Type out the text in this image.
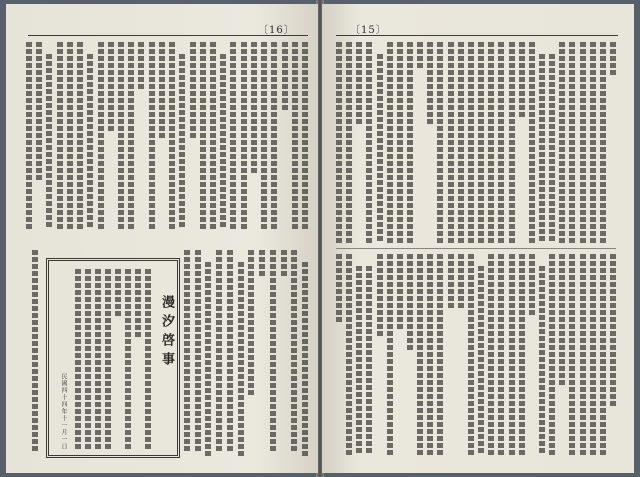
〔16〕
漫汐啓事
民國四十四年十一月一日
〔15〕
